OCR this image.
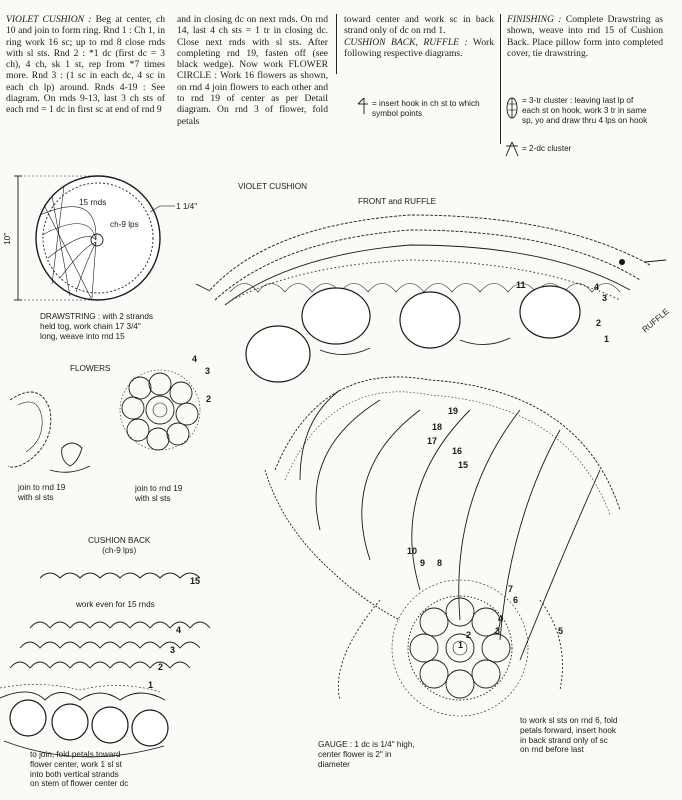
VIOLET CUSHION : Beg at center, ch 10 and join to form ring. Rnd 1 : Ch 1, in ring work 16 sc; up to rnd 8 close rnds with sl sts. Rnd 2 : *1 dc (first dc = 3 ch), 4 ch, sk 1 st, rep from *7 times more. Rnd 3 : (1 sc in each dc, 4 sc in each ch lp) around. Rnds 4-19 : See diagram. On rnds 9-13, last 3 ch sts of each rnd = 1 dc in first sc at end of rnd 9

and in closing dc on next rnds. On rnd 14, last 4 ch sts = 1 tr in closing dc. Close next rnds with sl sts. After completing rnd 19, fasten off (see black wedge). Now work FLOWER CIRCLE : Work 16 flowers as shown, on rnd 4 join flowers to each other and to rnd 19 of center as per Detail diagram. On rnd 3 of flower, fold petals

toward center and work sc in back strand only of dc on rnd 1.

CUSHION BACK, RUFFLE : Work following respective diagrams.

FINISHING : Complete Drawstring as shown, weave into rnd 15 of Cushion Back. Place pillow form into completed cover, tie drawstring.

= insert hook in ch st to which symbol points
= 3-tr cluster : leaving last lp of each st on hook, work 3 tr in same sp, yo and draw thru 4 lps on hook
= 2-dc cluster
VIOLET CUSHION
FRONT and RUFFLE
RUFFLE
15 rnds
ch-9 lps
1 1/4"
10"
DRAWSTRING : with 2 strands
held tog, work chain 17 3/4"
long, weave into rnd 15
FLOWERS
join to rnd 19
with sl sts
join to rnd 19
with sl sts
CUSHION BACK
(ch-9 lps)
work even for 15 rnds
to join, fold petals toward
flower center, work 1 sl st
into both vertical strands
on stem of flower center dc
GAUGE : 1 dc is 1/4" high,
center flower is 2" in
diameter
to work sl sts on rnd 6, fold
petals forward, insert hook
in back strand only of sc
on rnd before last
11	4
3
2
1
19
18
17
16
15
10
9 8
7
6
5
4
3
2
1
15
4
3
2
1
4
3
2
